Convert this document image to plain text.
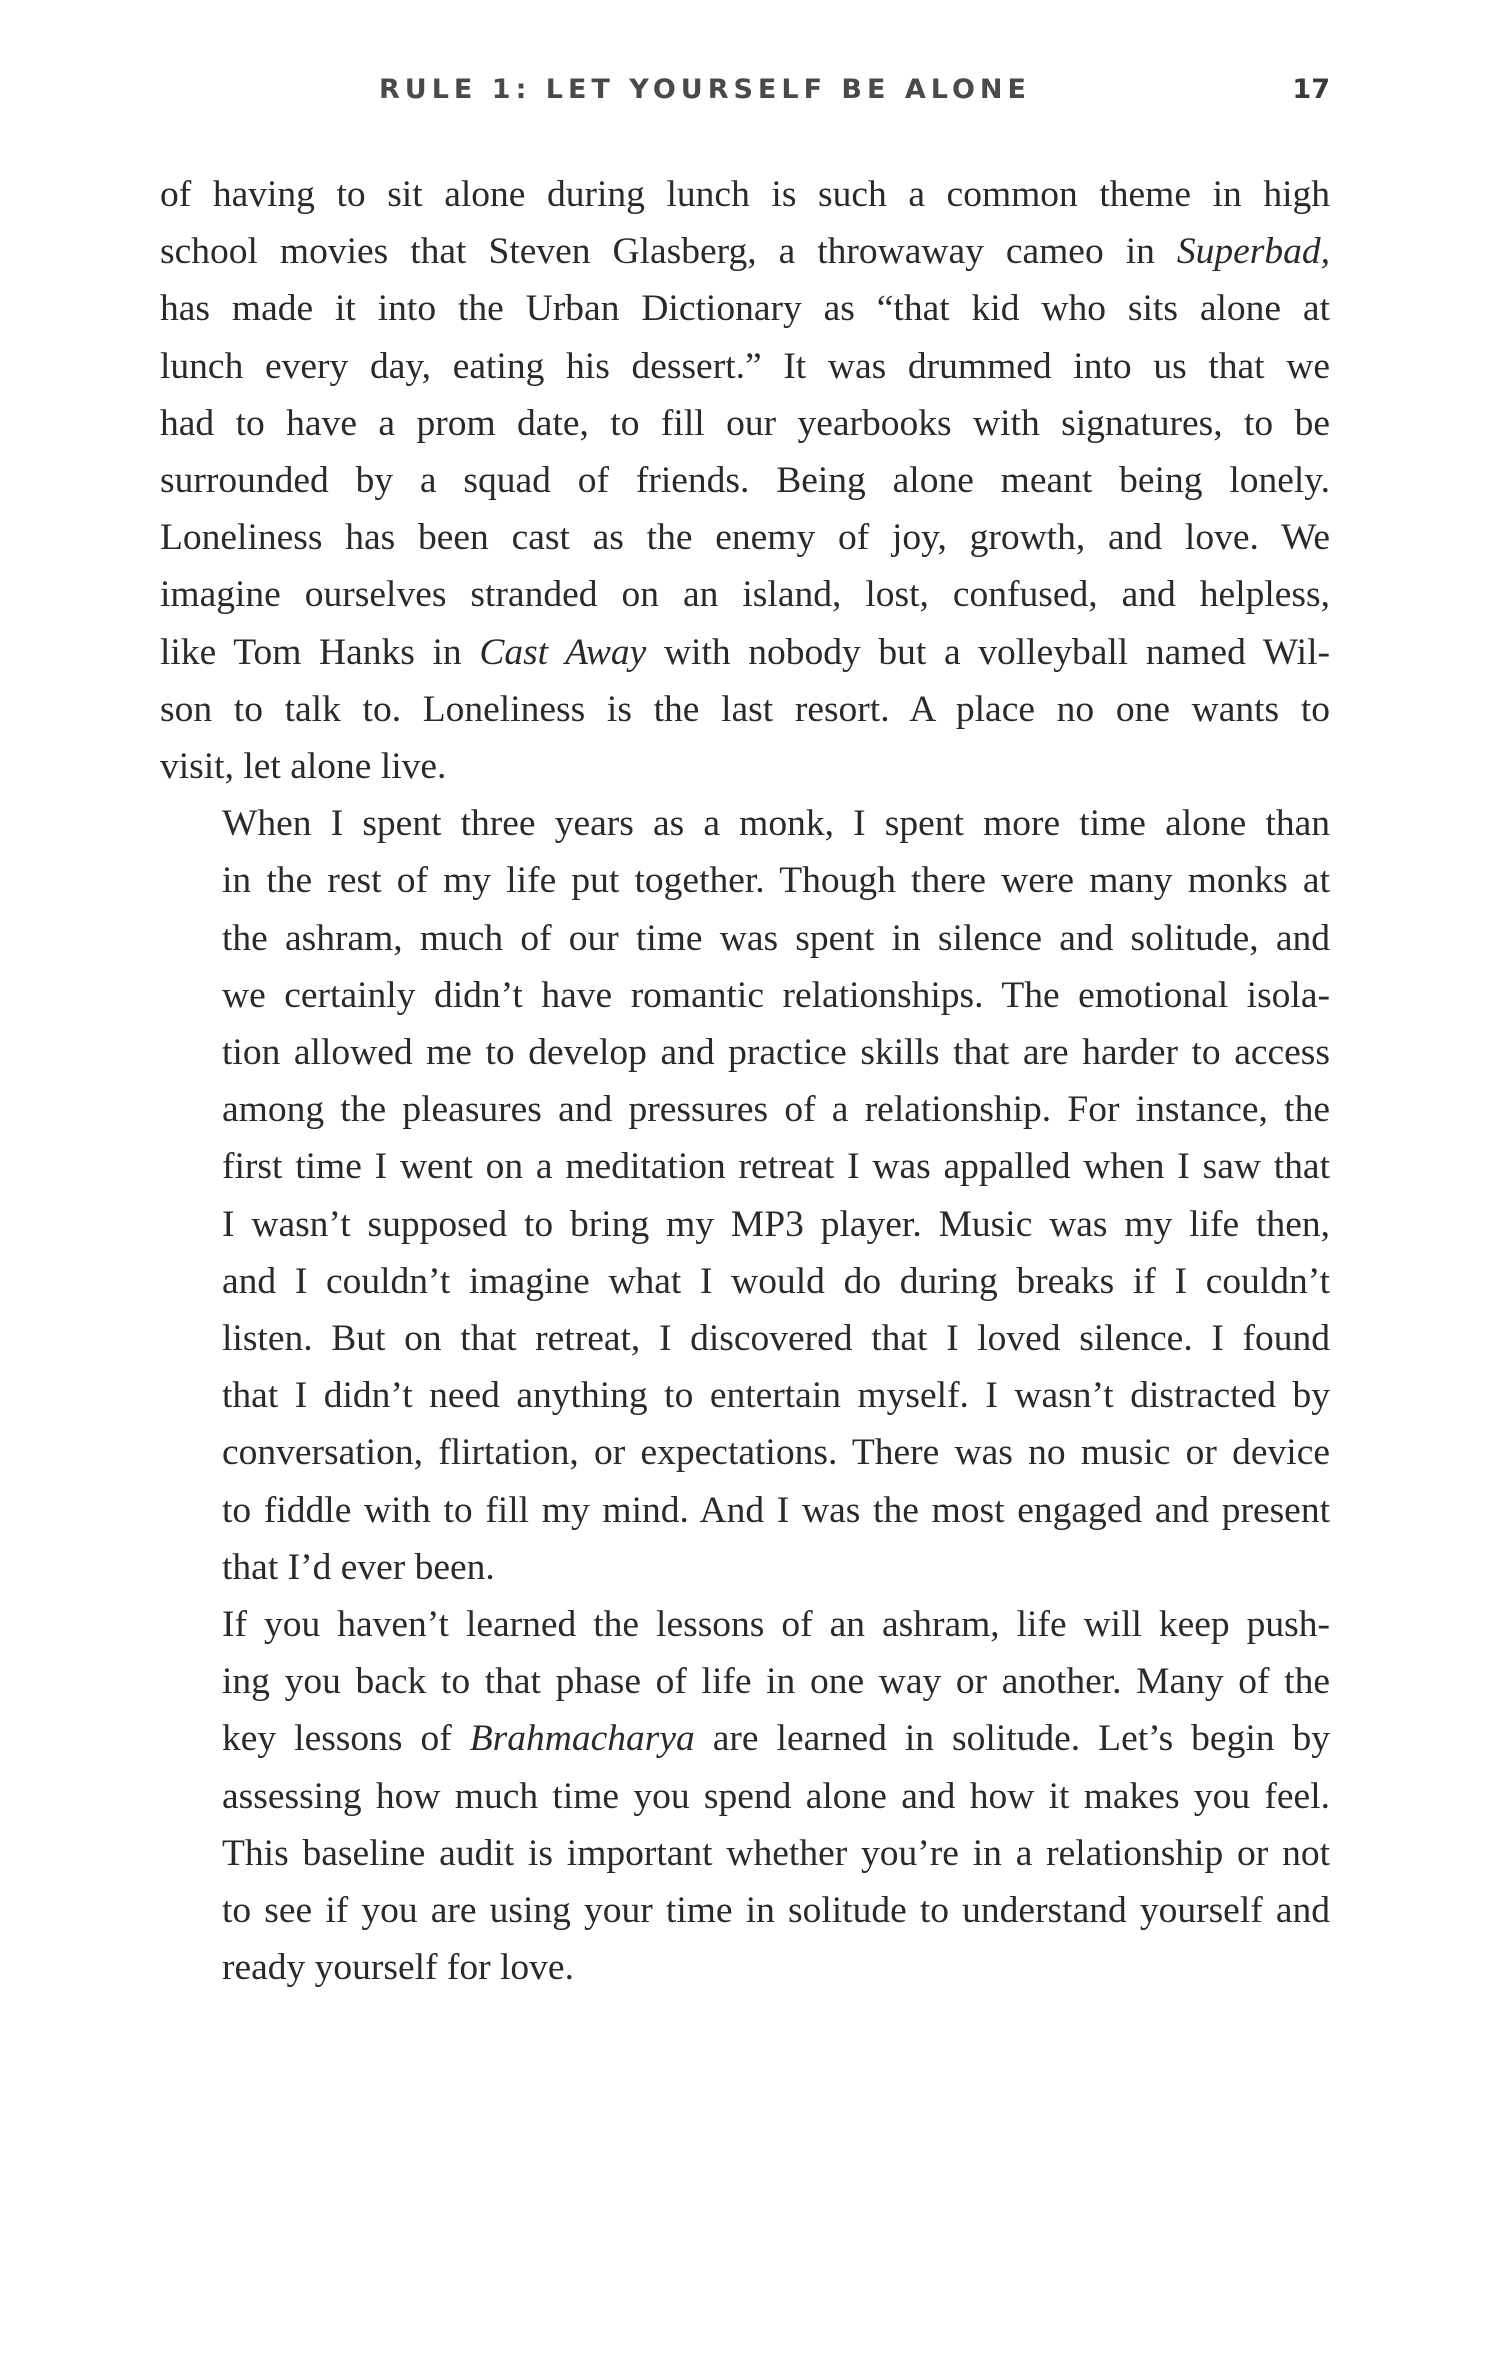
RULE 1: LET YOURSELF BE ALONE	17

of having to sit alone during lunch is such a common theme in high
school movies that Steven Glasberg, a throwaway cameo in Superbad,
has made it into the Urban Dictionary as “that kid who sits alone at
lunch every day, eating his dessert.” It was drummed into us that we
had to have a prom date, to fill our yearbooks with signatures, to be
surrounded by a squad of friends. Being alone meant being lonely.
Loneliness has been cast as the enemy of joy, growth, and love. We
imagine ourselves stranded on an island, lost, confused, and helpless,
like Tom Hanks in Cast Away with nobody but a volleyball named Wil-
son to talk to. Loneliness is the last resort. A place no one wants to
visit, let alone live.

When I spent three years as a monk, I spent more time alone than
in the rest of my life put together. Though there were many monks at
the ashram, much of our time was spent in silence and solitude, and
we certainly didn’t have romantic relationships. The emotional isola-
tion allowed me to develop and practice skills that are harder to access
among the pleasures and pressures of a relationship. For instance, the
first time I went on a meditation retreat I was appalled when I saw that
I wasn’t supposed to bring my MP3 player. Music was my life then,
and I couldn’t imagine what I would do during breaks if I couldn’t
listen. But on that retreat, I discovered that I loved silence. I found
that I didn’t need anything to entertain myself. I wasn’t distracted by
conversation, flirtation, or expectations. There was no music or device
to fiddle with to fill my mind. And I was the most engaged and present
that I’d ever been.

If you haven’t learned the lessons of an ashram, life will keep push-
ing you back to that phase of life in one way or another. Many of the
key lessons of Brahmacharya are learned in solitude. Let’s begin by
assessing how much time you spend alone and how it makes you feel.
This baseline audit is important whether you’re in a relationship or not
to see if you are using your time in solitude to understand yourself and
ready yourself for love.
